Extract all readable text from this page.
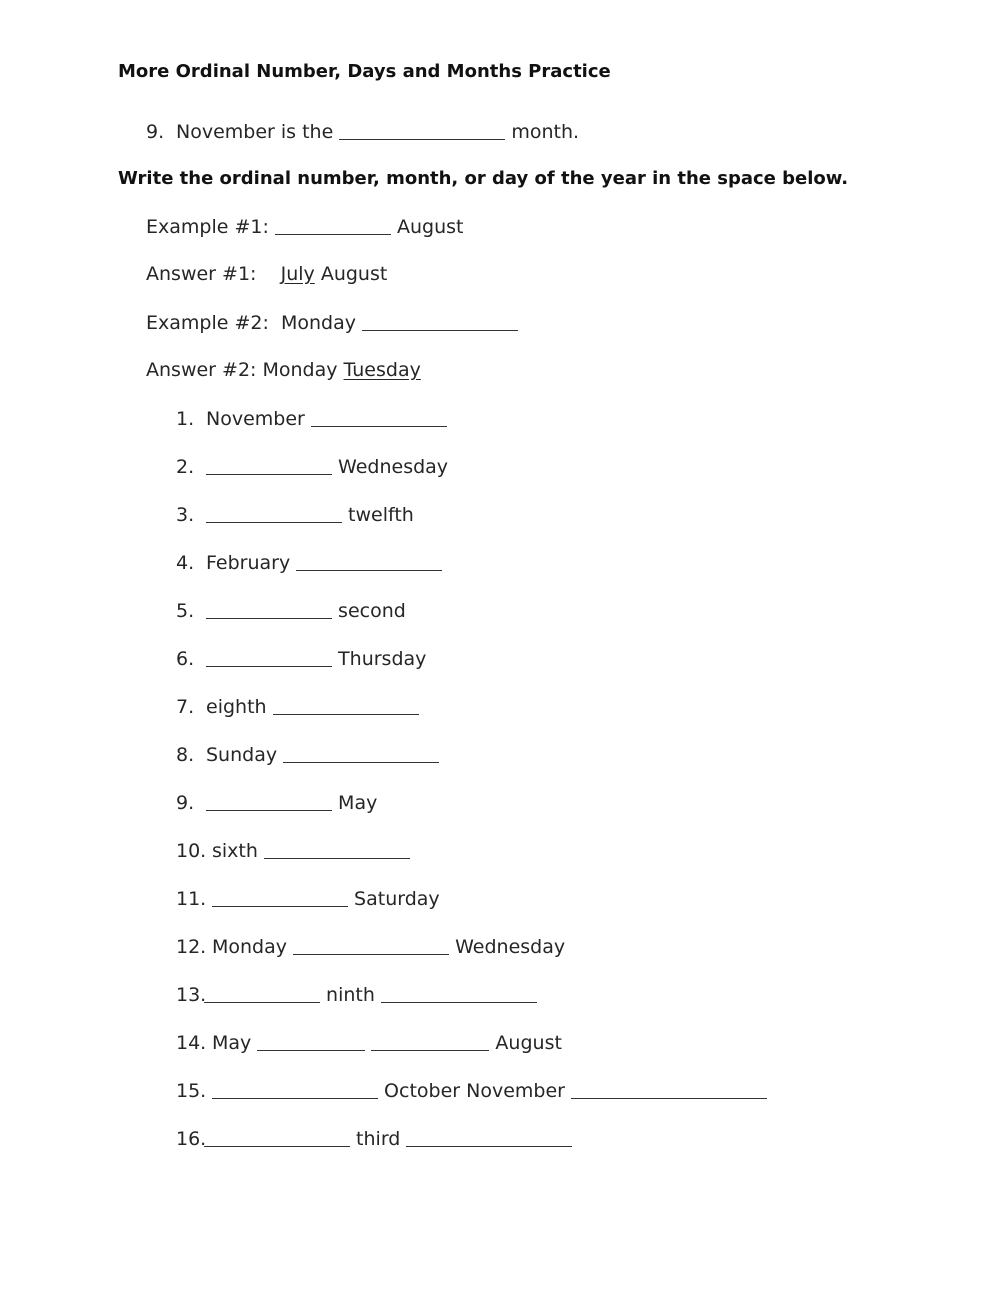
More Ordinal Number, Days and Months Practice
9. November is the	month.
Write the ordinal number, month, or day of the year in the space below.
Example #1:	August
Answer #1: July August
Example #2: Monday
Answer #2: Monday Tuesday
1. November
2.	Wednesday
3.	twelfth
4. February
5.	second
6.	Thursday
7. eighth
8. Sunday
9.	May
10. sixth
11.	Saturday
12. Monday	Wednesday
13.	ninth
14. May	August
15.	October November
16.	third
